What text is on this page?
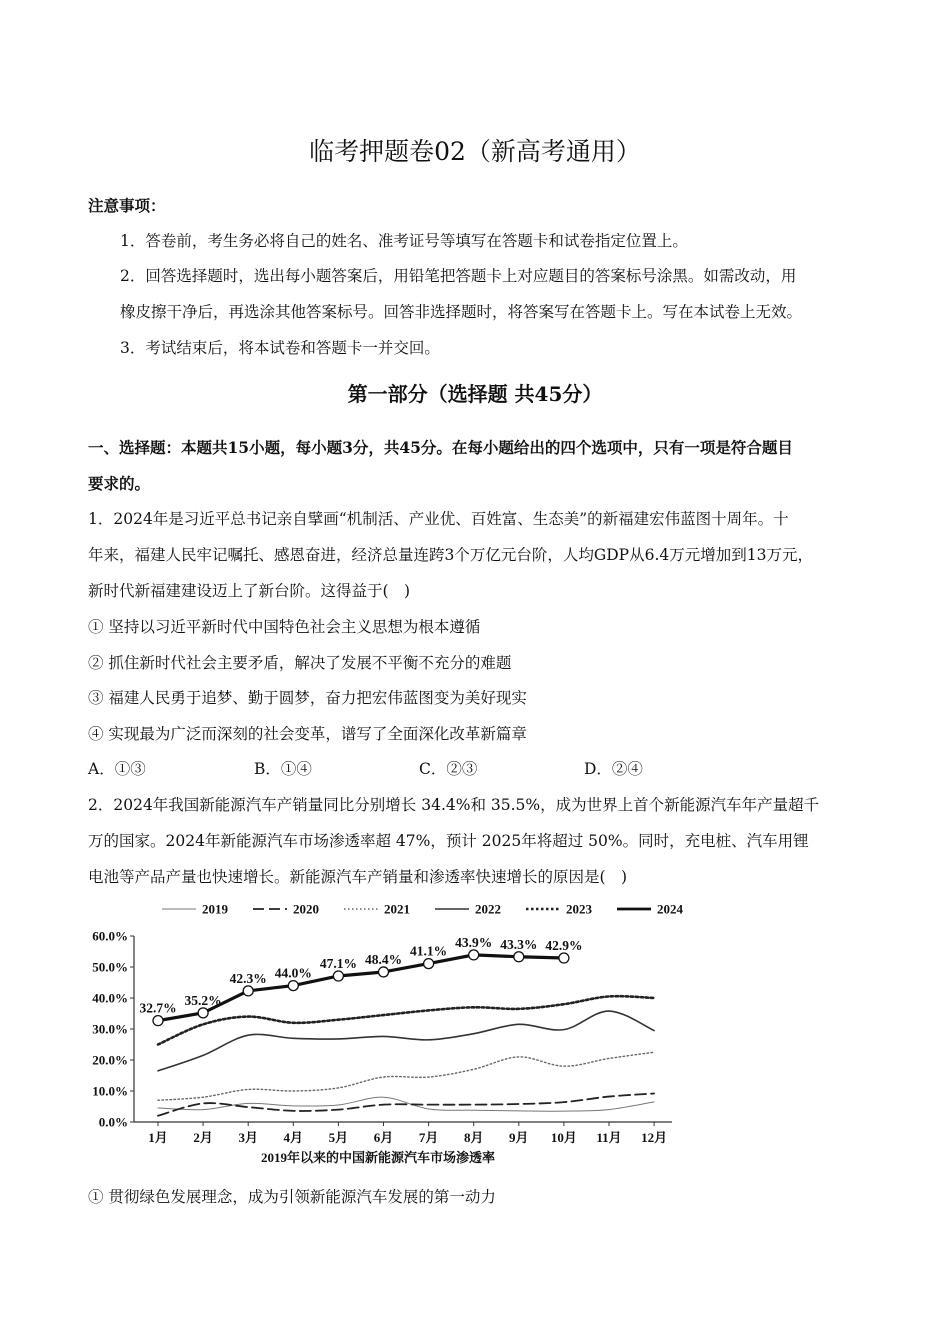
临考押题卷02（新高考通用）
注意事项：
1．答卷前，考生务必将自己的姓名、准考证号等填写在答题卡和试卷指定位置上。
2．回答选择题时，选出每小题答案后，用铅笔把答题卡上对应题目的答案标号涂黑。如需改动，用
橡皮擦干净后，再选涂其他答案标号。回答非选择题时，将答案写在答题卡上。写在本试卷上无效。
3．考试结束后，将本试卷和答题卡一并交回。
第一部分（选择题 共45分）
一、选择题：本题共15小题，每小题3分，共45分。在每小题给出的四个选项中，只有一项是符合题目
要求的。
1．2024年是习近平总书记亲自擘画“机制活、产业优、百姓富、生态美”的新福建宏伟蓝图十周年。十
年来，福建人民牢记嘱托、感恩奋进，经济总量连跨3个万亿元台阶，人均GDP从6.4万元增加到13万元，
新时代新福建建设迈上了新台阶。这得益于(　)
① 坚持以习近平新时代中国特色社会主义思想为根本遵循
② 抓住新时代社会主要矛盾，解决了发展不平衡不充分的难题
③ 福建人民勇于追梦、勤于圆梦，奋力把宏伟蓝图变为美好现实
④ 实现最为广泛而深刻的社会变革，谱写了全面深化改革新篇章
A．①③	B．①④	C．②③	D．②④
2．2024年我国新能源汽车产销量同比分别增长 34.4%和 35.5%，成为世界上首个新能源汽车年产量超千
万的国家。2024年新能源汽车市场渗透率超 47%，预计 2025年将超过 50%。同时，充电桩、汽车用锂
电池等产品产量也快速增长。新能源汽车产销量和渗透率快速增长的原因是(　)
0.0%
10.0%
20.0%
30.0%
40.0%
50.0%
60.0%
1月 2月 3月 4月 5月 6月 7月 8月 9月 10月 11月 12月
32.7%
35.2%
42.3% 44.0%
47.1% 48.4%
41.1%
43.9% 43.3% 42.9%
2019	2020	2021	2022	2023	2024
2019年以来的中国新能源汽车市场渗透率
① 贯彻绿色发展理念，成为引领新能源汽车发展的第一动力
